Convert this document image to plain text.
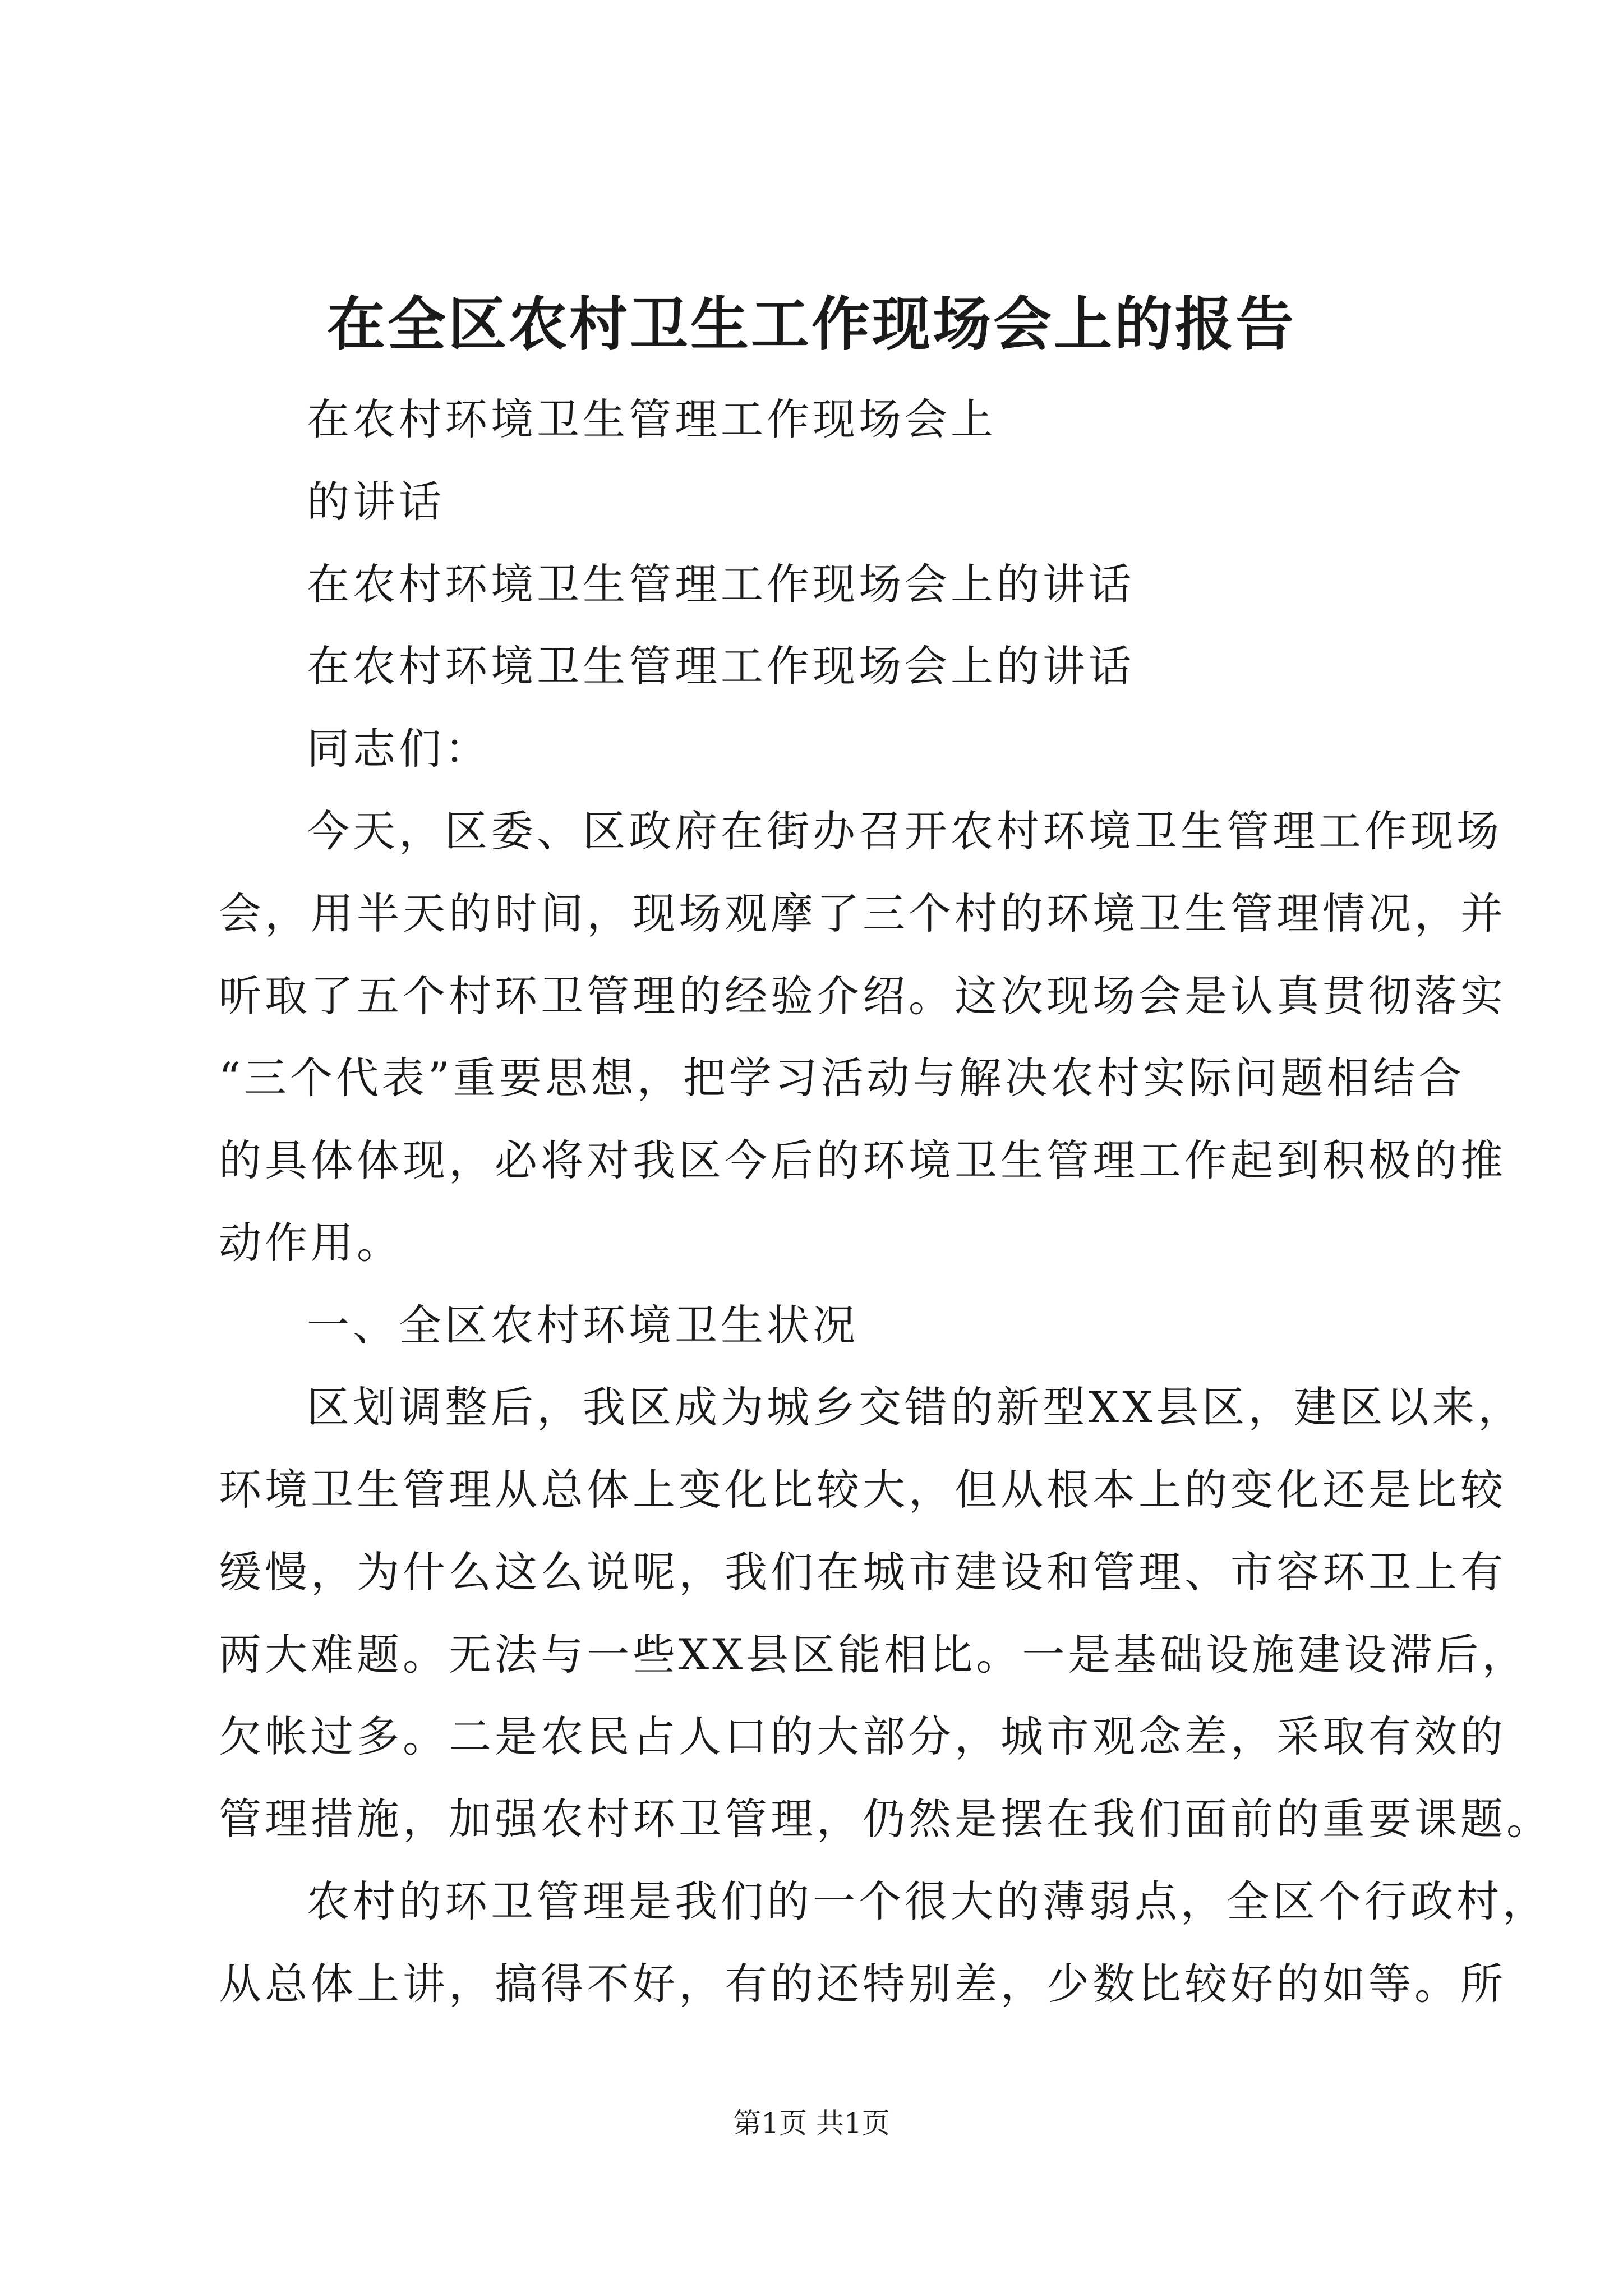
在全区农村卫生工作现场会上的报告
在农村环境卫生管理工作现场会上
的讲话
在农村环境卫生管理工作现场会上的讲话
在农村环境卫生管理工作现场会上的讲话
同志们：
今天，区委、区政府在街办召开农村环境卫生管理工作现场
会，用半天的时间，现场观摩了三个村的环境卫生管理情况，并
听取了五个村环卫管理的经验介绍。这次现场会是认真贯彻落实
“三个代表”重要思想，把学习活动与解决农村实际问题相结合
的具体体现，必将对我区今后的环境卫生管理工作起到积极的推
动作用。
一、全区农村环境卫生状况
区划调整后，我区成为城乡交错的新型XX县区，建区以来，
环境卫生管理从总体上变化比较大，但从根本上的变化还是比较
缓慢，为什么这么说呢，我们在城市建设和管理、市容环卫上有
两大难题。无法与一些XX县区能相比。一是基础设施建设滞后，
欠帐过多。二是农民占人口的大部分，城市观念差，采取有效的
管理措施，加强农村环卫管理，仍然是摆在我们面前的重要课题。
农村的环卫管理是我们的一个很大的薄弱点，全区个行政村，
从总体上讲，搞得不好，有的还特别差，少数比较好的如等。所
第1页 共1页
